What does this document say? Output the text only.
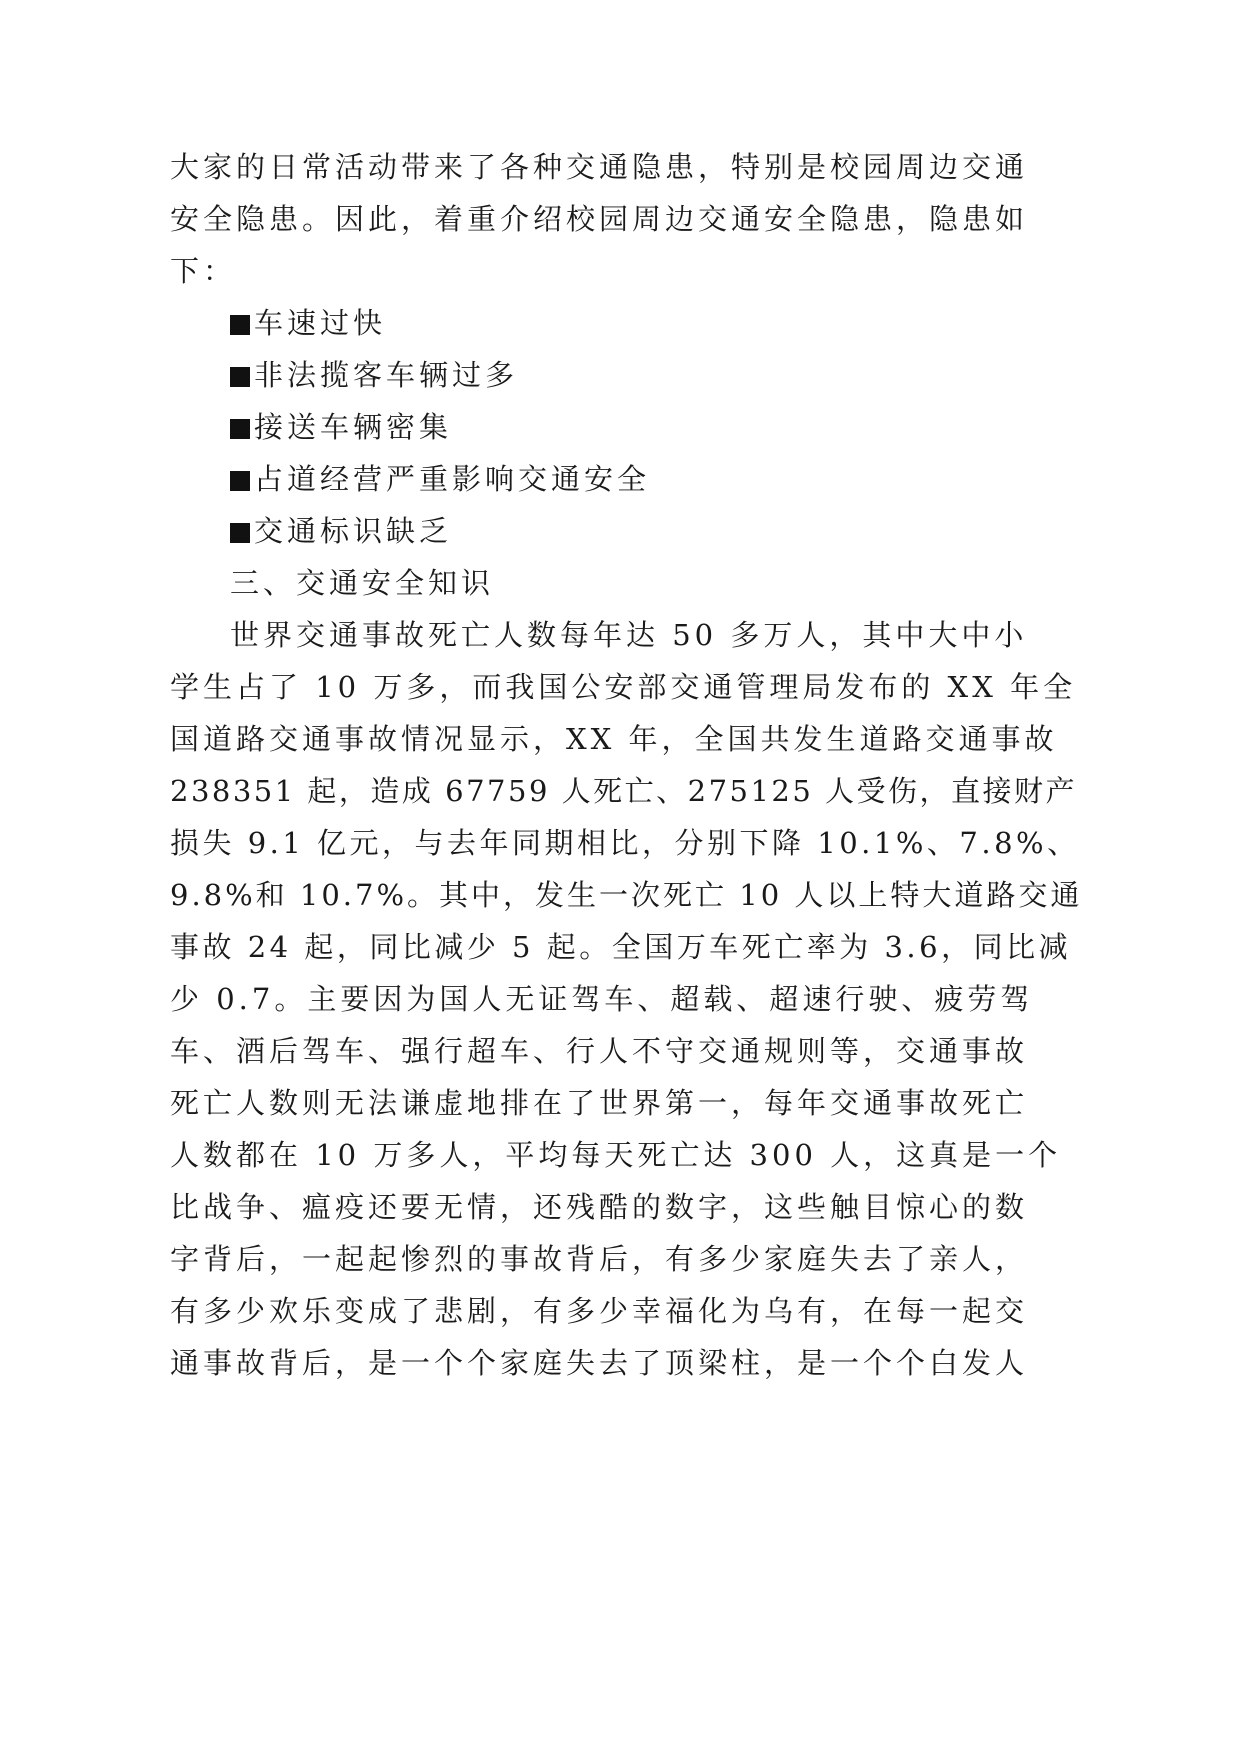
大家的日常活动带来了各种交通隐患，特别是校园周边交通
安全隐患。因此，着重介绍校园周边交通安全隐患，隐患如
下：
车速过快
非法揽客车辆过多
接送车辆密集
占道经营严重影响交通安全
交通标识缺乏
三、交通安全知识
世界交通事故死亡人数每年达 50 多万人，其中大中小
学生占了 10 万多，而我国公安部交通管理局发布的 XX 年全
国道路交通事故情况显示，XX 年，全国共发生道路交通事故
238351 起，造成 67759 人死亡、275125 人受伤，直接财产
损失 9.1 亿元，与去年同期相比，分别下降 10.1%、7.8%、
9.8%和 10.7%。其中，发生一次死亡 10 人以上特大道路交通
事故 24 起，同比减少 5 起。全国万车死亡率为 3.6，同比减
少 0.7。主要因为国人无证驾车、超载、超速行驶、疲劳驾
车、酒后驾车、强行超车、行人不守交通规则等，交通事故
死亡人数则无法谦虚地排在了世界第一，每年交通事故死亡
人数都在 10 万多人，平均每天死亡达 300 人，这真是一个
比战争、瘟疫还要无情，还残酷的数字，这些触目惊心的数
字背后，一起起惨烈的事故背后，有多少家庭失去了亲人，
有多少欢乐变成了悲剧，有多少幸福化为乌有，在每一起交
通事故背后，是一个个家庭失去了顶梁柱，是一个个白发人
